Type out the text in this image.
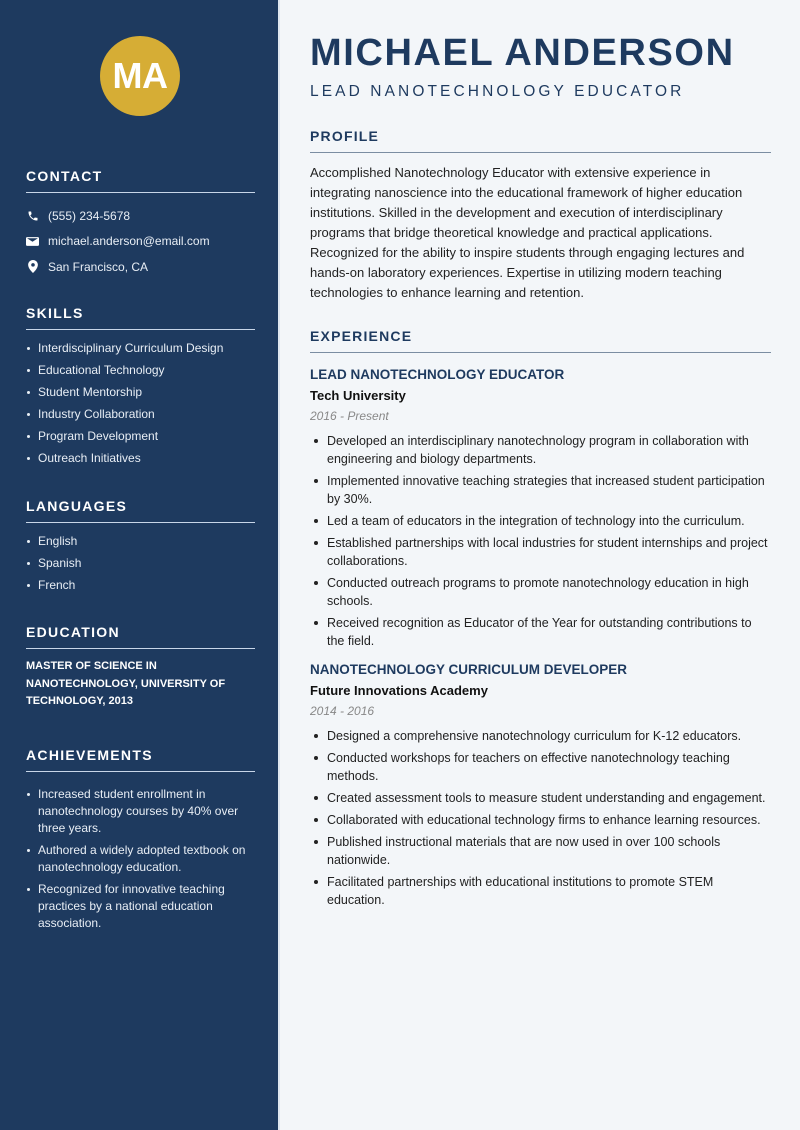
MA
CONTACT
(555) 234-5678
michael.anderson@email.com
San Francisco, CA
SKILLS
Interdisciplinary Curriculum Design
Educational Technology
Student Mentorship
Industry Collaboration
Program Development
Outreach Initiatives
LANGUAGES
English
Spanish
French
EDUCATION

MASTER OF SCIENCE IN NANOTECHNOLOGY, UNIVERSITY OF TECHNOLOGY, 2013

ACHIEVEMENTS
Increased student enrollment in nanotechnology courses by 40% over three years.
Authored a widely adopted textbook on nanotechnology education.
Recognized for innovative teaching practices by a national education association.
MICHAEL ANDERSON
LEAD NANOTECHNOLOGY EDUCATOR
PROFILE

Accomplished Nanotechnology Educator with extensive experience in integrating nanoscience into the educational framework of higher education institutions. Skilled in the development and execution of interdisciplinary programs that bridge theoretical knowledge and practical applications. Recognized for the ability to inspire students through engaging lectures and hands-on laboratory experiences. Expertise in utilizing modern teaching technologies to enhance learning and retention.

EXPERIENCE
LEAD NANOTECHNOLOGY EDUCATOR
Tech University
2016 - Present
Developed an interdisciplinary nanotechnology program in collaboration with engineering and biology departments.
Implemented innovative teaching strategies that increased student participation by 30%.
Led a team of educators in the integration of technology into the curriculum.
Established partnerships with local industries for student internships and project collaborations.
Conducted outreach programs to promote nanotechnology education in high schools.
Received recognition as Educator of the Year for outstanding contributions to the field.
NANOTECHNOLOGY CURRICULUM DEVELOPER
Future Innovations Academy
2014 - 2016
Designed a comprehensive nanotechnology curriculum for K-12 educators.
Conducted workshops for teachers on effective nanotechnology teaching methods.
Created assessment tools to measure student understanding and engagement.
Collaborated with educational technology firms to enhance learning resources.
Published instructional materials that are now used in over 100 schools nationwide.
Facilitated partnerships with educational institutions to promote STEM education.
